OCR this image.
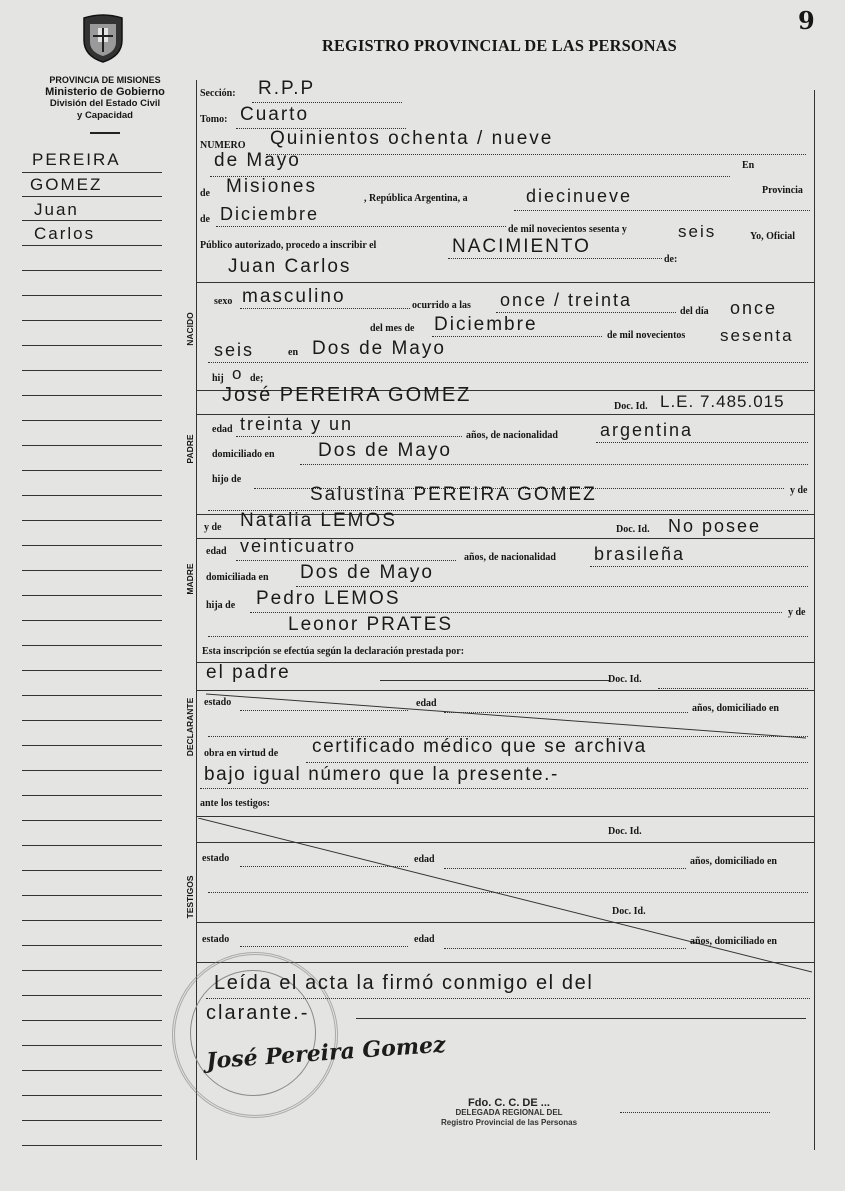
9
REGISTRO PROVINCIAL DE LAS PERSONAS
PROVINCIA DE MISIONES
Ministerio de Gobierno
División del Estado Civil
y Capacidad
PEREIRA
GOMEZ
Juan
Carlos
Sección: R.P.P
Tomo: Cuarto
NUMERO Quinientos ochenta / nueve
de Mayo	En
de Misiones
, República Argentina, a	diecinueve	Provincia
de Diciembre
de mil novecientos sesenta y	seis	Yo, Oficial
Público autorizado, procedo a inscribir el	NACIMIENTO
de:
NACIDO
Juan Carlos
sexo masculino	ocurrido a las once / treinta
del día once
del mes de Diciembre
de mil novecientos sesenta
seis	en Dos de Mayo
hij o de;
PADRE
José PEREIRA GOMEZ
Doc. Id. L.E. 7.485.015
edad treinta y un
años, de nacionalidad argentina
domiciliado en Dos de Mayo
hijo de
y de
Salustina PEREIRA GOMEZ
MADRE
y de Natalia LEMOS	Doc. Id. No posee
edad veinticuatro
años, de nacionalidad brasileña
domiciliada en Dos de Mayo
hija de Pedro LEMOS
y de
Leonor PRATES
Esta inscripción se efectúa según la declaración prestada por:
DECLARANTE
el padre	Doc. Id.
estado	edad	años, domiciliado en
obra en virtud de certificado médico que se archiva
bajo igual número que la presente.-
ante los testigos:
TESTIGOS
Doc. Id.
estado	edad	años, domiciliado en
Doc. Id.
estado	edad	años, domiciliado en
Leída el acta la firmó conmigo el del
clarante.-
José Pereira Gomez
Fdo. C. C. DE ...
DELEGADA REGIONAL DEL
Registro Provincial de las Personas
